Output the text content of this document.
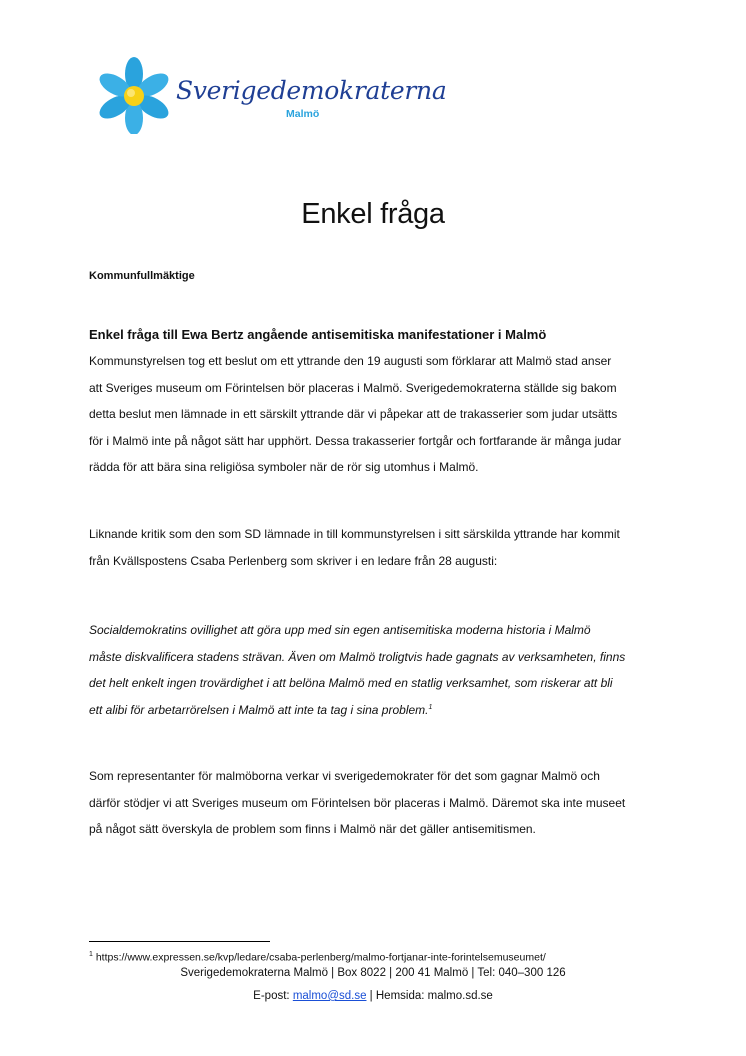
Sverigedemokraterna
Malmö
Enkel fråga
Kommunfullmäktige
Enkel fråga till Ewa Bertz angående antisemitiska manifestationer i Malmö
Kommunstyrelsen tog ett beslut om ett yttrande den 19 augusti som förklarar att Malmö stad anser
att Sveriges museum om Förintelsen bör placeras i Malmö. Sverigedemokraterna ställde sig bakom
detta beslut men lämnade in ett särskilt yttrande där vi påpekar att de trakasserier som judar utsätts
för i Malmö inte på något sätt har upphört. Dessa trakasserier fortgår och fortfarande är många judar
rädda för att bära sina religiösa symboler när de rör sig utomhus i Malmö.
Liknande kritik som den som SD lämnade in till kommunstyrelsen i sitt särskilda yttrande har kommit
från Kvällspostens Csaba Perlenberg som skriver i en ledare från 28 augusti:
Socialdemokratins ovillighet att göra upp med sin egen antisemitiska moderna historia i Malmö
måste diskvalificera stadens strävan. Även om Malmö troligtvis hade gagnats av verksamheten, finns
det helt enkelt ingen trovärdighet i att belöna Malmö med en statlig verksamhet, som riskerar att bli
ett alibi för arbetarrörelsen i Malmö att inte ta tag i sina problem.$^1$
Som representanter för malmöborna verkar vi sverigedemokrater för det som gagnar Malmö och
därför stödjer vi att Sveriges museum om Förintelsen bör placeras i Malmö. Däremot ska inte museet
på något sätt överskyla de problem som finns i Malmö när det gäller antisemitismen.
$^1$ https://www.expressen.se/kvp/ledare/csaba-perlenberg/malmo-fortjanar-inte-forintelsemuseumet/
Sverigedemokraterna Malmö | Box 8022 | 200 41 Malmö | Tel: 040–300 126
E-post: malmo@sd.se | Hemsida: malmo.sd.se
